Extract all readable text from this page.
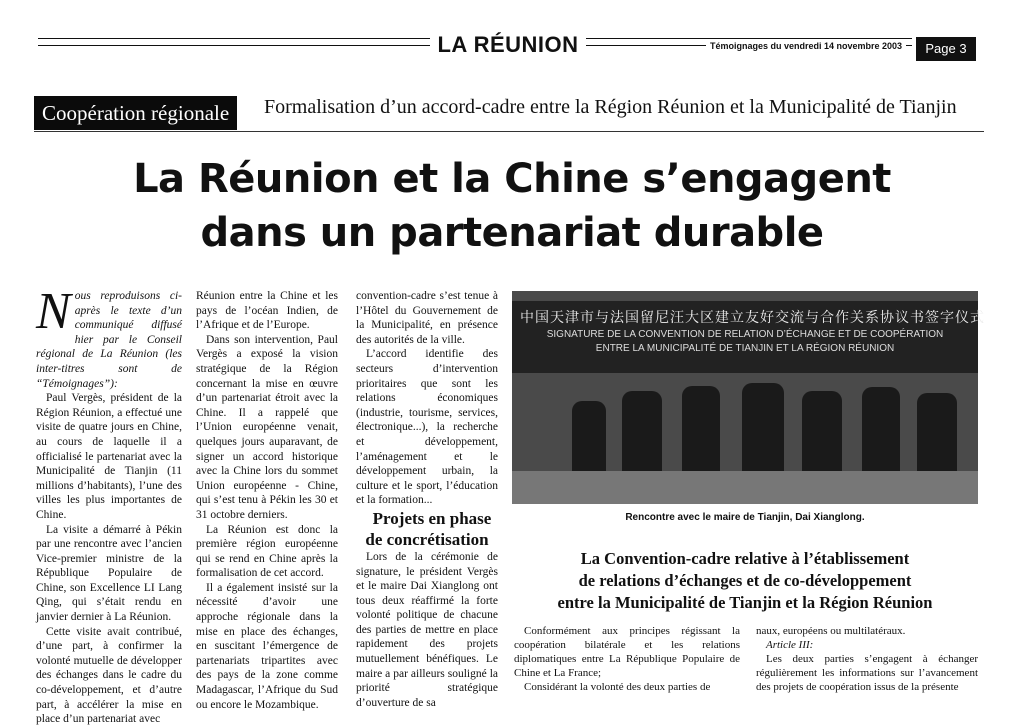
LA RÉUNION	Témoignages du vendredi 14 novembre 2003	Page 3
Coopération régionale	Formalisation d’un accord-cadre entre la Région Réunion et la Municipalité de Tianjin
La Réunion et la Chine s’engagent
dans un partenariat durable

Nous reproduisons ci-après le texte d’un communiqué diffusé hier par le Conseil régional de La Réunion (les inter-titres sont de “Témoignages”):

Paul Vergès, président de la Région Réunion, a effectué une visite de quatre jours en Chine, au cours de laquelle il a officialisé le partenariat avec la Municipalité de Tianjin (11 millions d’habitants), l’une des villes les plus importantes de Chine.

La visite a démarré à Pékin par une rencontre avec l’ancien Vice-premier ministre de la République Populaire de Chine, son Excellence LI Lang Qing, qui s’était rendu en janvier dernier à La Réunion.

Cette visite avait contribué, d’une part, à confirmer la volonté mutuelle de développer des échanges dans le cadre du co-développement, et d’autre part, à accélérer la mise en place d’un partenariat avec

Réunion entre la Chine et les pays de l’océan Indien, de l’Afrique et de l’Europe.

Dans son intervention, Paul Vergès a exposé la vision stratégique de la Région concernant la mise en œuvre d’un partenariat étroit avec la Chine. Il a rappelé que l’Union européenne venait, quelques jours auparavant, de signer un accord historique avec la Chine lors du sommet Union européenne - Chine, qui s’est tenu à Pékin les 30 et 31 octobre derniers.

La Réunion est donc la première région européenne qui se rend en Chine après la formalisation de cet accord.

Il a également insisté sur la nécessité d’avoir une approche régionale dans la mise en place des échanges, en suscitant l’émergence de partenariats tripartites avec des pays de la zone comme Madagascar, l’Afrique du Sud ou encore le Mozambique.

convention-cadre s’est tenue à l’Hôtel du Gouvernement de la Municipalité, en présence des autorités de la ville.

L’accord identifie des secteurs d’intervention prioritaires que sont les relations économiques (industrie, tourisme, services, électronique...), la recherche et développement, l’aménagement et le développement urbain, la culture et le sport, l’éducation et la formation...

Projets en phase de concrétisation

Lors de la cérémonie de signature, le président Vergès et le maire Dai Xianglong ont tous deux réaffirmé la forte volonté politique de chacune des parties de mettre en place rapidement des projets mutuellement bénéfiques. Le maire a par ailleurs souligné la priorité stratégique d’ouverture de sa

中国天津市与法国留尼汪大区建立友好交流与合作关系协议书签字仪式
SIGNATURE DE LA CONVENTION DE RELATION D’ÉCHANGE ET DE COOPÉRATION
ENTRE LA MUNICIPALITÉ DE TIANJIN ET LA RÉGION RÉUNION
Rencontre avec le maire de Tianjin, Dai Xianglong.
La Convention-cadre relative à l’établissement
de relations d’échanges et de co-développement
entre la Municipalité de Tianjin et la Région Réunion

Conformément aux principes régissant la coopération bilatérale et les relations diplomatiques entre La République Populaire de Chine et La France;

Considérant la volonté des deux parties de

naux, européens ou multilatéraux.

Article III:

Les deux parties s’engagent à échanger régulièrement les informations sur l’avancement des projets de coopération issus de la présente
